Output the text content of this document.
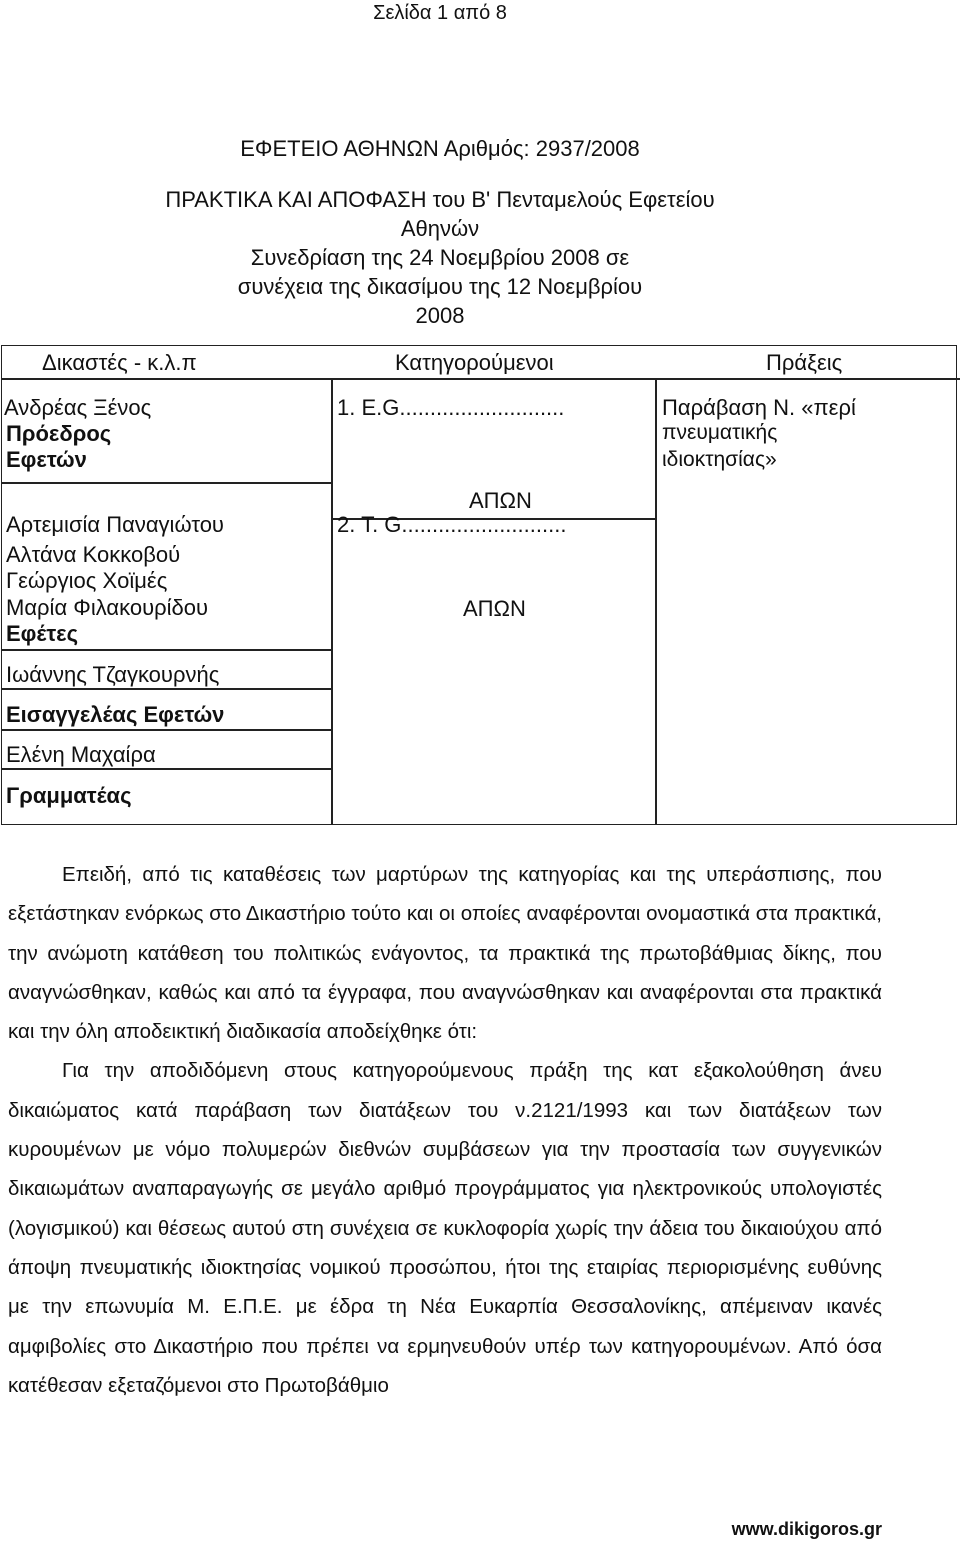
Σελίδα 1 από 8
ΕΦΕΤΕΙΟ ΑΘΗΝΩΝ Αριθμός: 2937/2008
ΠΡΑΚΤΙΚΑ ΚΑΙ ΑΠΟΦΑΣΗ του Β' Πενταμελούς Εφετείου
Αθηνών
Συνεδρίαση της 24 Νοεμβρίου 2008 σε
συνέχεια της δικασίμου της 12 Νοεμβρίου
2008
Δικαστές - κ.λ.π	Κατηγορούμενοι	Πράξεις
Ανδρέας Ξένος
Πρόεδρος
Εφετών
Αρτεμισία Παναγιώτου
Αλτάνα Κοκκοβού
Γεώργιος Χοϊμές
Μαρία Φιλακουρίδου
Εφέτες
Ιωάννης Τζαγκουρνής
Εισαγγελέας Εφετών
Ελένη Μαχαίρα
Γραμματέας
1. E.G...........................
ΑΠΩΝ
2. T. G...........................
ΑΠΩΝ
Παράβαση Ν. «περί
πνευματικής
ιδιοκτησίας»

Επειδή, από τις καταθέσεις των μαρτύρων της κατηγορίας και της υπεράσπισης, που εξετάστηκαν ενόρκως στο Δικαστήριο τούτο και οι οποίες αναφέρονται ονομαστικά στα πρακτικά, την ανώμοτη κατάθεση του πολιτικώς ενάγοντος, τα πρακτικά της πρωτοβάθμιας δίκης, που αναγνώσθηκαν, καθώς και από τα έγγραφα, που αναγνώσθηκαν και αναφέρονται στα πρακτικά και την όλη αποδεικτική διαδικασία αποδείχθηκε ότι:

Για την αποδιδόμενη στους κατηγορούμενους πράξη της κατ εξακολούθηση άνευ δικαιώματος κατά παράβαση των διατάξεων του ν.2121/1993 και των διατάξεων των κυρουμένων με νόμο πολυμερών διεθνών συμβάσεων για την προστασία των συγγενικών δικαιωμάτων αναπαραγωγής σε μεγάλο αριθμό προγράμματος για ηλεκτρονικούς υπολογιστές (λογισμικού) και θέσεως αυτού στη συνέχεια σε κυκλοφορία χωρίς την άδεια του δικαιούχου από άποψη πνευματικής ιδιοκτησίας νομικού προσώπου, ήτοι της εταιρίας περιορισμένης ευθύνης με την επωνυμία Μ. Ε.Π.Ε. με έδρα τη Νέα Ευκαρπία Θεσσαλονίκης, απέμειναν ικανές αμφιβολίες στο Δικαστήριο που πρέπει να ερμηνευθούν υπέρ των κατηγορουμένων. Από όσα κατέθεσαν εξεταζόμενοι στο Πρωτοβάθμιο

www.dikigoros.gr
